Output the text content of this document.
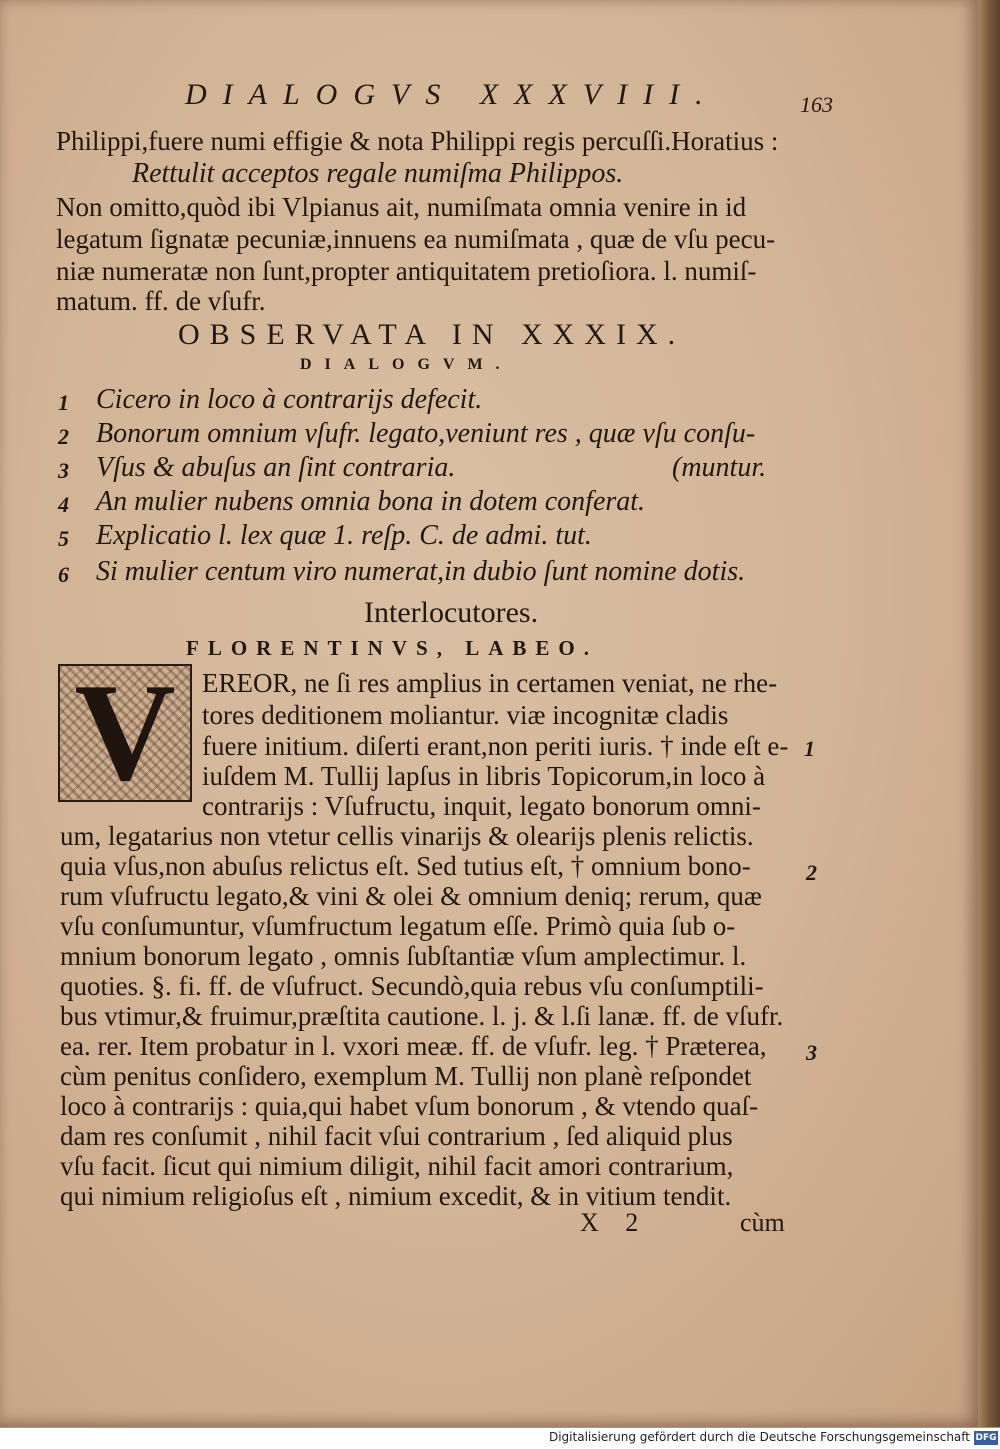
DIALOGVS XXXVIII.	163
Philippi,fuere numi effigie & nota Philippi regis percuſſi.Horatius :
Rettulit acceptos regale numiſma Philippos.
Non omitto,quòd ibi Vlpianus ait, numiſmata omnia venire in id
legatum ſignatæ pecuniæ,innuens ea numiſmata , quæ de vſu pecu-
niæ numeratæ non ſunt,propter antiquitatem pretioſiora. l. numiſ-
matum. ff. de vſufr.
OBSERVATA IN XXXIX.
DIALOGVM.
1 Cicero in loco à contrarijs defecit.
2 Bonorum omnium vſufr. legato,veniunt res , quæ vſu conſu-
3 Vſus & abuſus an ſint contraria.	(muntur.
4 An mulier nubens omnia bona in dotem conferat.
5 Explicatio l. lex quæ 1. reſp. C. de admi. tut.
6 Si mulier centum viro numerat,in dubio ſunt nomine dotis.
Interlocutores.
FLORENTINVS, LABEO.
V EREOR, ne ſi res amplius in certamen veniat, ne rhe-
tores deditionem moliantur. viæ incognitæ cladis
fuere initium. diſerti erant,non periti iuris. † inde eſt e- 1
iuſdem M. Tullij lapſus in libris Topicorum,in loco à
contrarijs : Vſufructu, inquit, legato bonorum omni-
um, legatarius non vtetur cellis vinarijs & olearijs plenis relictis.
quia vſus,non abuſus relictus eſt. Sed tutius eſt, † omnium bono-	2
rum vſufructu legato,& vini & olei & omnium deniq; rerum, quæ
vſu conſumuntur, vſumfructum legatum eſſe. Primò quia ſub o-
mnium bonorum legato , omnis ſubſtantiæ vſum amplectimur. l.
quoties. §. fi. ff. de vſufruct. Secundò,quia rebus vſu conſumptili-
bus vtimur,& fruimur,præſtita cautione. l. j. & l.ſi lanæ. ff. de vſufr.
ea. rer. Item probatur in l. vxori meæ. ff. de vſufr. leg. † Præterea, 3
cùm penitus conſidero, exemplum M. Tullij non planè reſpondet
loco à contrarijs : quia,qui habet vſum bonorum , & vtendo quaſ-
dam res conſumit , nihil facit vſui contrarium , ſed aliquid plus
vſu facit. ſicut qui nimium diligit, nihil facit amori contrarium,
qui nimium religioſus eſt , nimium excedit, & in vitium tendit.
X 2	cùm
Digitalisierung gefördert durch die Deutsche Forschungsgemeinschaft DFG
